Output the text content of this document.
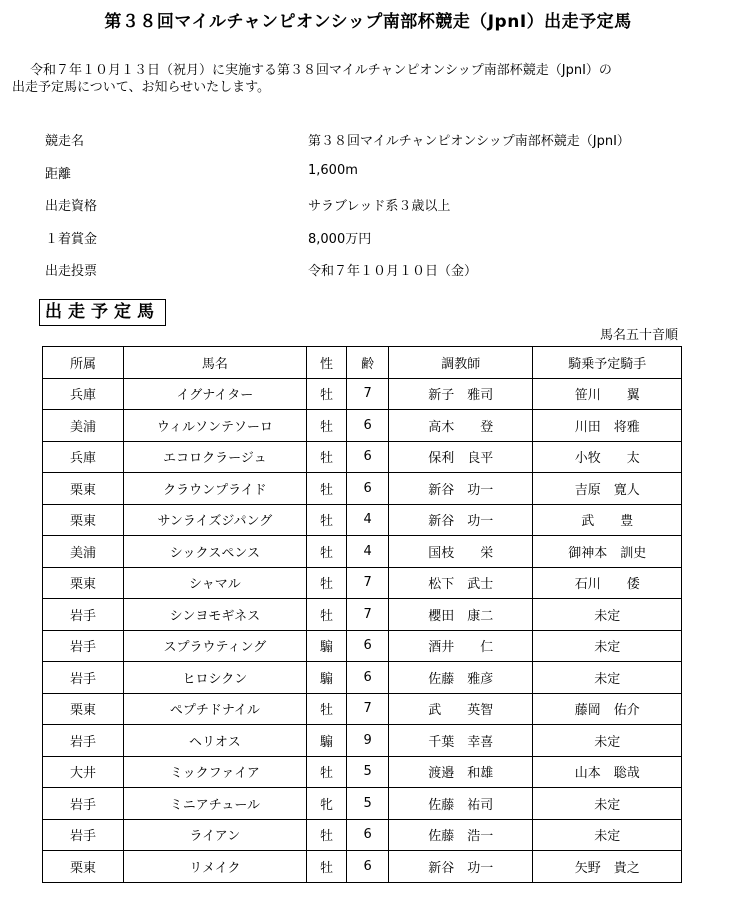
第３８回マイルチャンピオンシップ南部杯競走（JpnⅠ）出走予定馬
令和７年１０月１３日（祝月）に実施する第３８回マイルチャンピオンシップ南部杯競走（JpnⅠ）の
出走予定馬について、お知らせいたします。
競走名	第３８回マイルチャンピオンシップ南部杯競走（JpnⅠ）
距離	1,600m
出走資格	サラブレッド系３歳以上
１着賞金	8,000万円
出走投票	令和７年１０月１０日（金）
出走予定馬
馬名五十音順
所属	馬名	性	齢	調教師	騎乗予定騎手
兵庫	イグナイター	牡	7	新子　雅司	笹川　　翼
美浦	ウィルソンテソーロ	牡	6	高木　　登	川田　将雅
兵庫	エコロクラージュ	牡	6	保利　良平	小牧　　太
栗東	クラウンプライド	牡	6	新谷　功一	吉原　寛人
栗東	サンライズジパング	牡	4	新谷　功一	武　　豊
美浦	シックスペンス	牡	4	国枝　　栄	御神本　訓史
栗東	シャマル	牡	7	松下　武士	石川　　倭
岩手	シンヨモギネス	牡	7	櫻田　康二	未定
岩手	スプラウティング	騸	6	酒井　　仁	未定
岩手	ヒロシクン	騸	6	佐藤　雅彦	未定
栗東	ペプチドナイル	牡	7	武　　英智	藤岡　佑介
岩手	ヘリオス	騸	9	千葉　幸喜	未定
大井	ミックファイア	牡	5	渡邉　和雄	山本　聡哉
岩手	ミニアチュール	牝	5	佐藤　祐司	未定
岩手	ライアン	牡	6	佐藤　浩一	未定
栗東	リメイク	牡	6	新谷　功一	矢野　貴之
